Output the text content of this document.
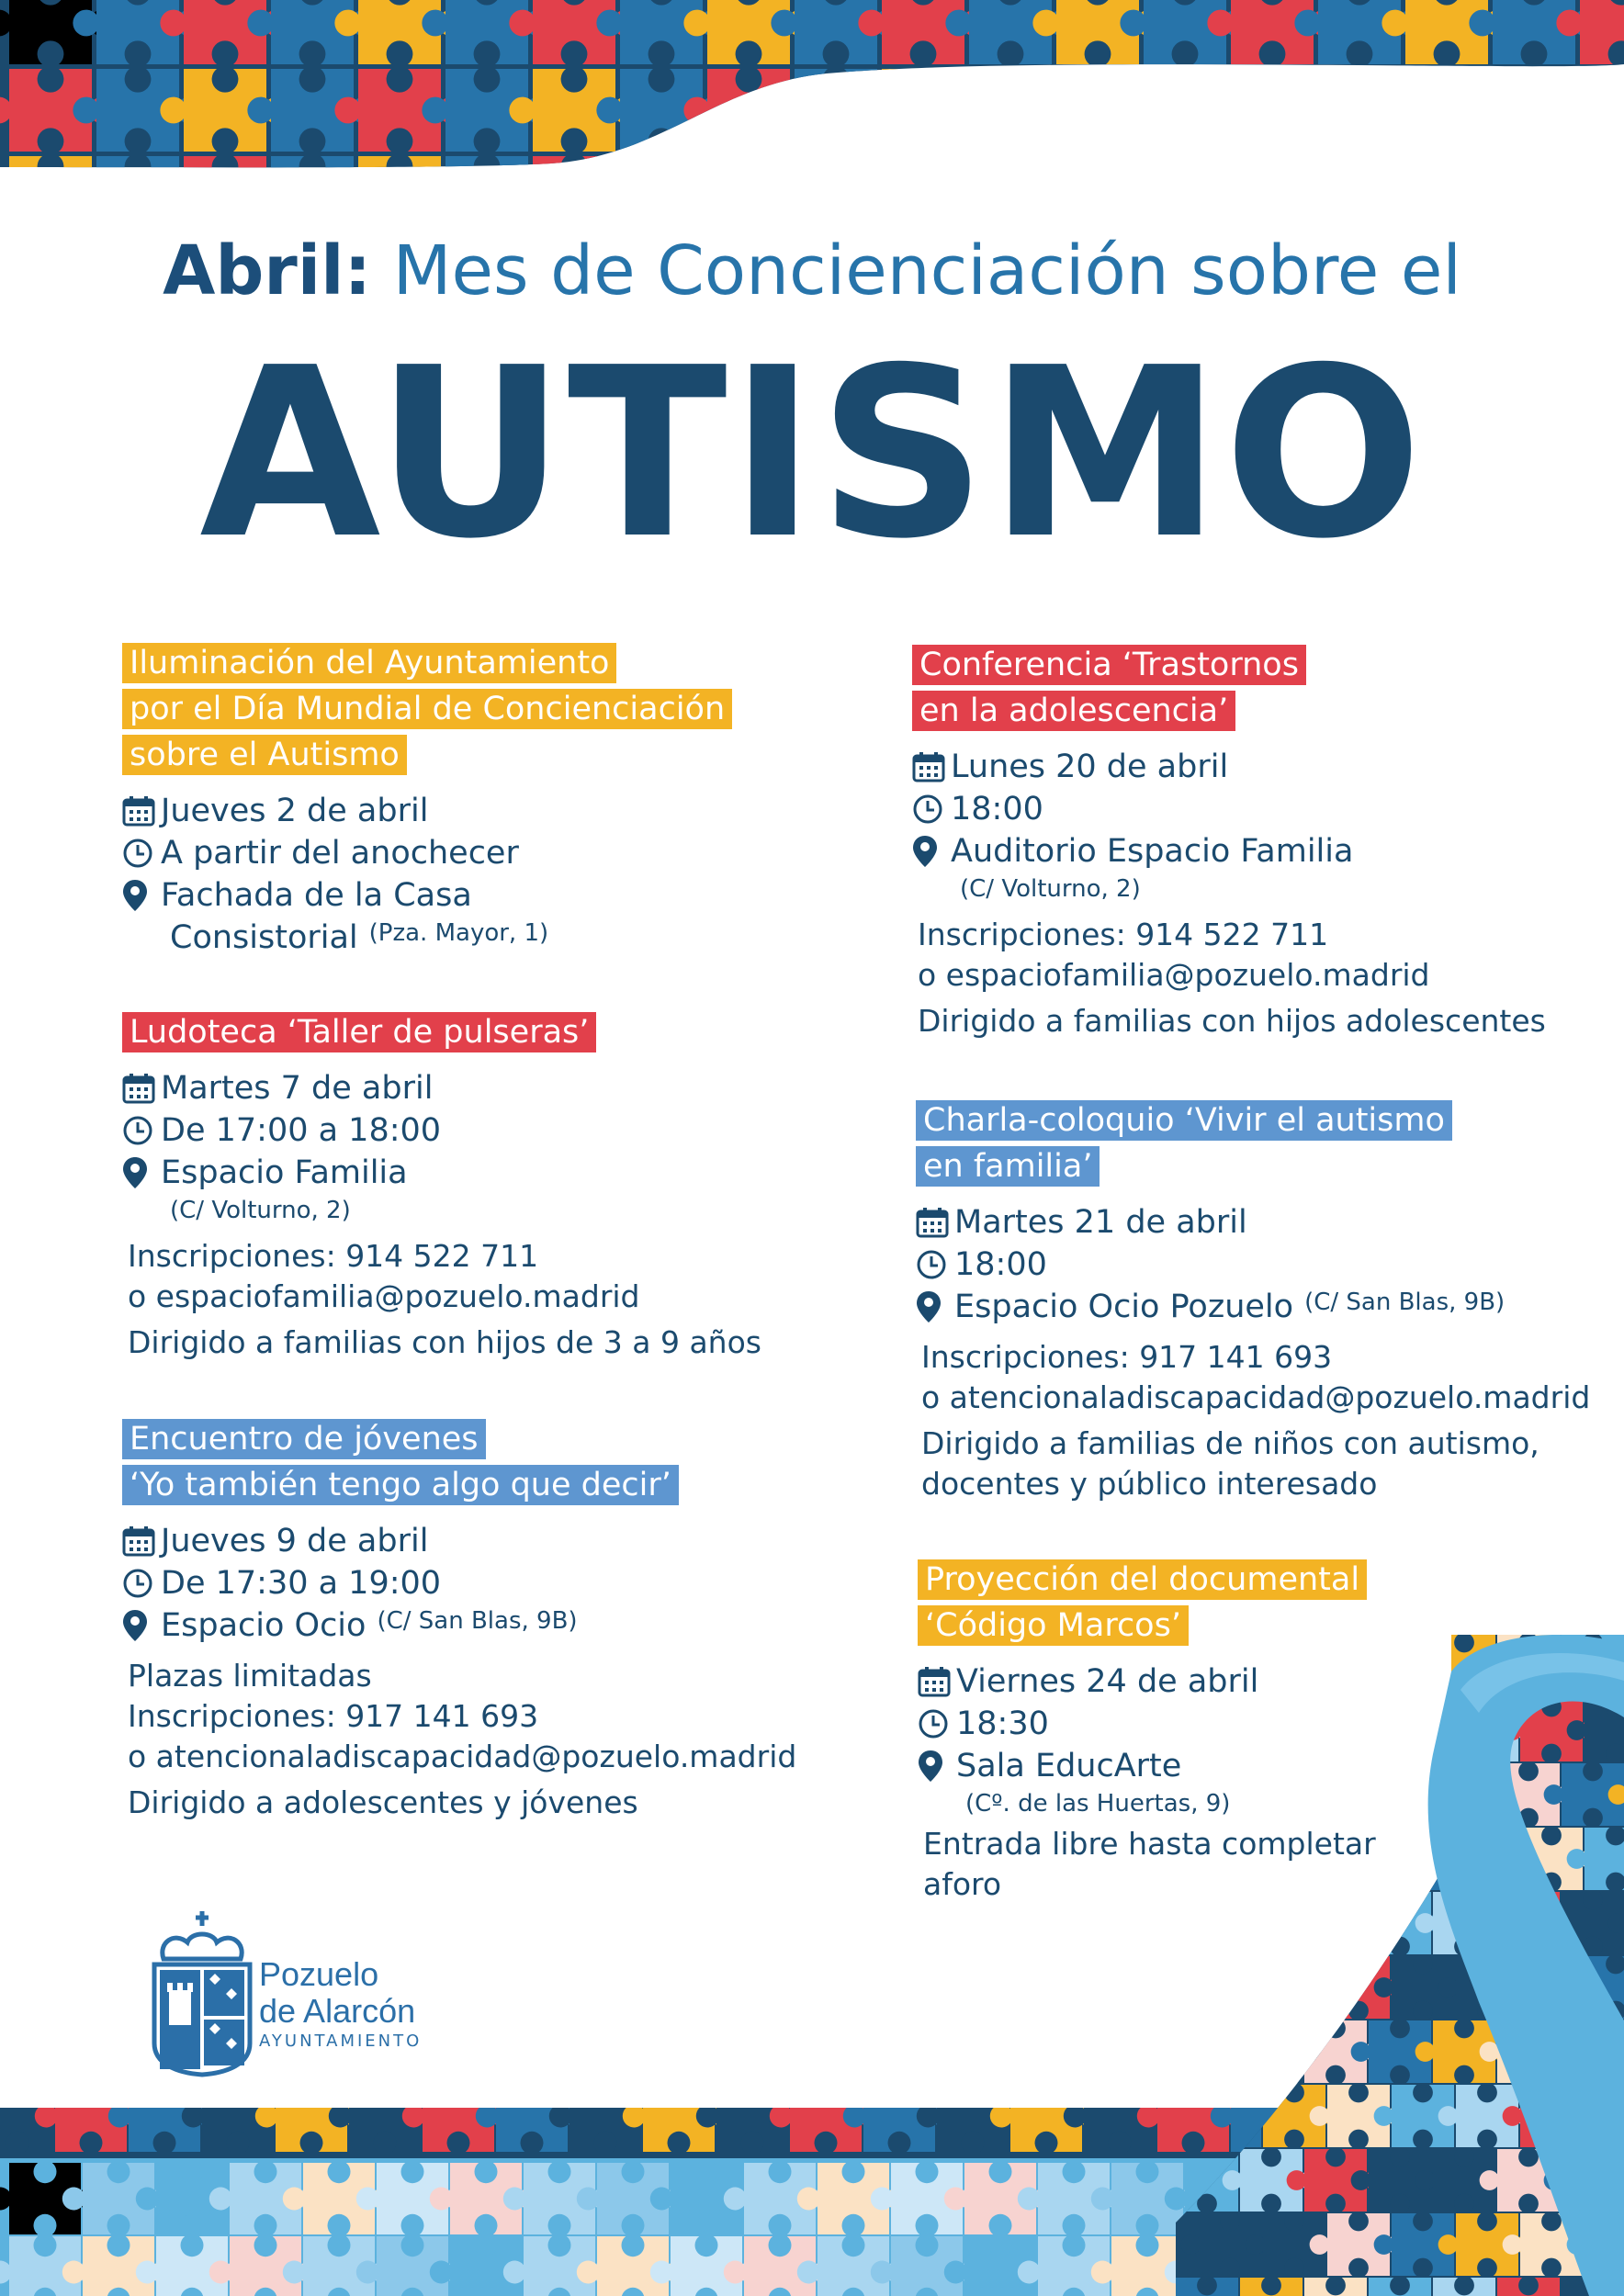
Abril: Mes de Concienciación sobre el
AUTISMO
Iluminación del Ayuntamiento
por el Día Mundial de Concienciación
sobre el Autismo
Jueves 2 de abril
A partir del anochecer
Fachada de la Casa
Consistorial (Pza. Mayor, 1)
Ludoteca ‘Taller de pulseras’
Martes 7 de abril
De 17:00 a 18:00
Espacio Familia
(C/ Volturno, 2)
Inscripciones: 914 522 711
o espaciofamilia@pozuelo.madrid
Dirigido a familias con hijos de 3 a 9 años
Encuentro de jóvenes
‘Yo también tengo algo que decir’
Jueves 9 de abril
De 17:30 a 19:00
Espacio Ocio (C/ San Blas, 9B)
Plazas limitadas
Inscripciones: 917 141 693
o atencionaladiscapacidad@pozuelo.madrid
Dirigido a adolescentes y jóvenes
Conferencia ‘Trastornos
en la adolescencia’
Lunes 20 de abril
18:00
Auditorio Espacio Familia
(C/ Volturno, 2)
Inscripciones: 914 522 711
o espaciofamilia@pozuelo.madrid
Dirigido a familias con hijos adolescentes
Charla-coloquio ‘Vivir el autismo
en familia’
Martes 21 de abril
18:00
Espacio Ocio Pozuelo (C/ San Blas, 9B)
Inscripciones: 917 141 693
o atencionaladiscapacidad@pozuelo.madrid
Dirigido a familias de niños con autismo,
docentes y público interesado
Proyección del documental
‘Código Marcos’
Viernes 24 de abril
18:30
Sala EducArte
(Cº. de las Huertas, 9)
Entrada libre hasta completar
aforo
Pozuelo
de Alarcón
AYUNTAMIENTO
